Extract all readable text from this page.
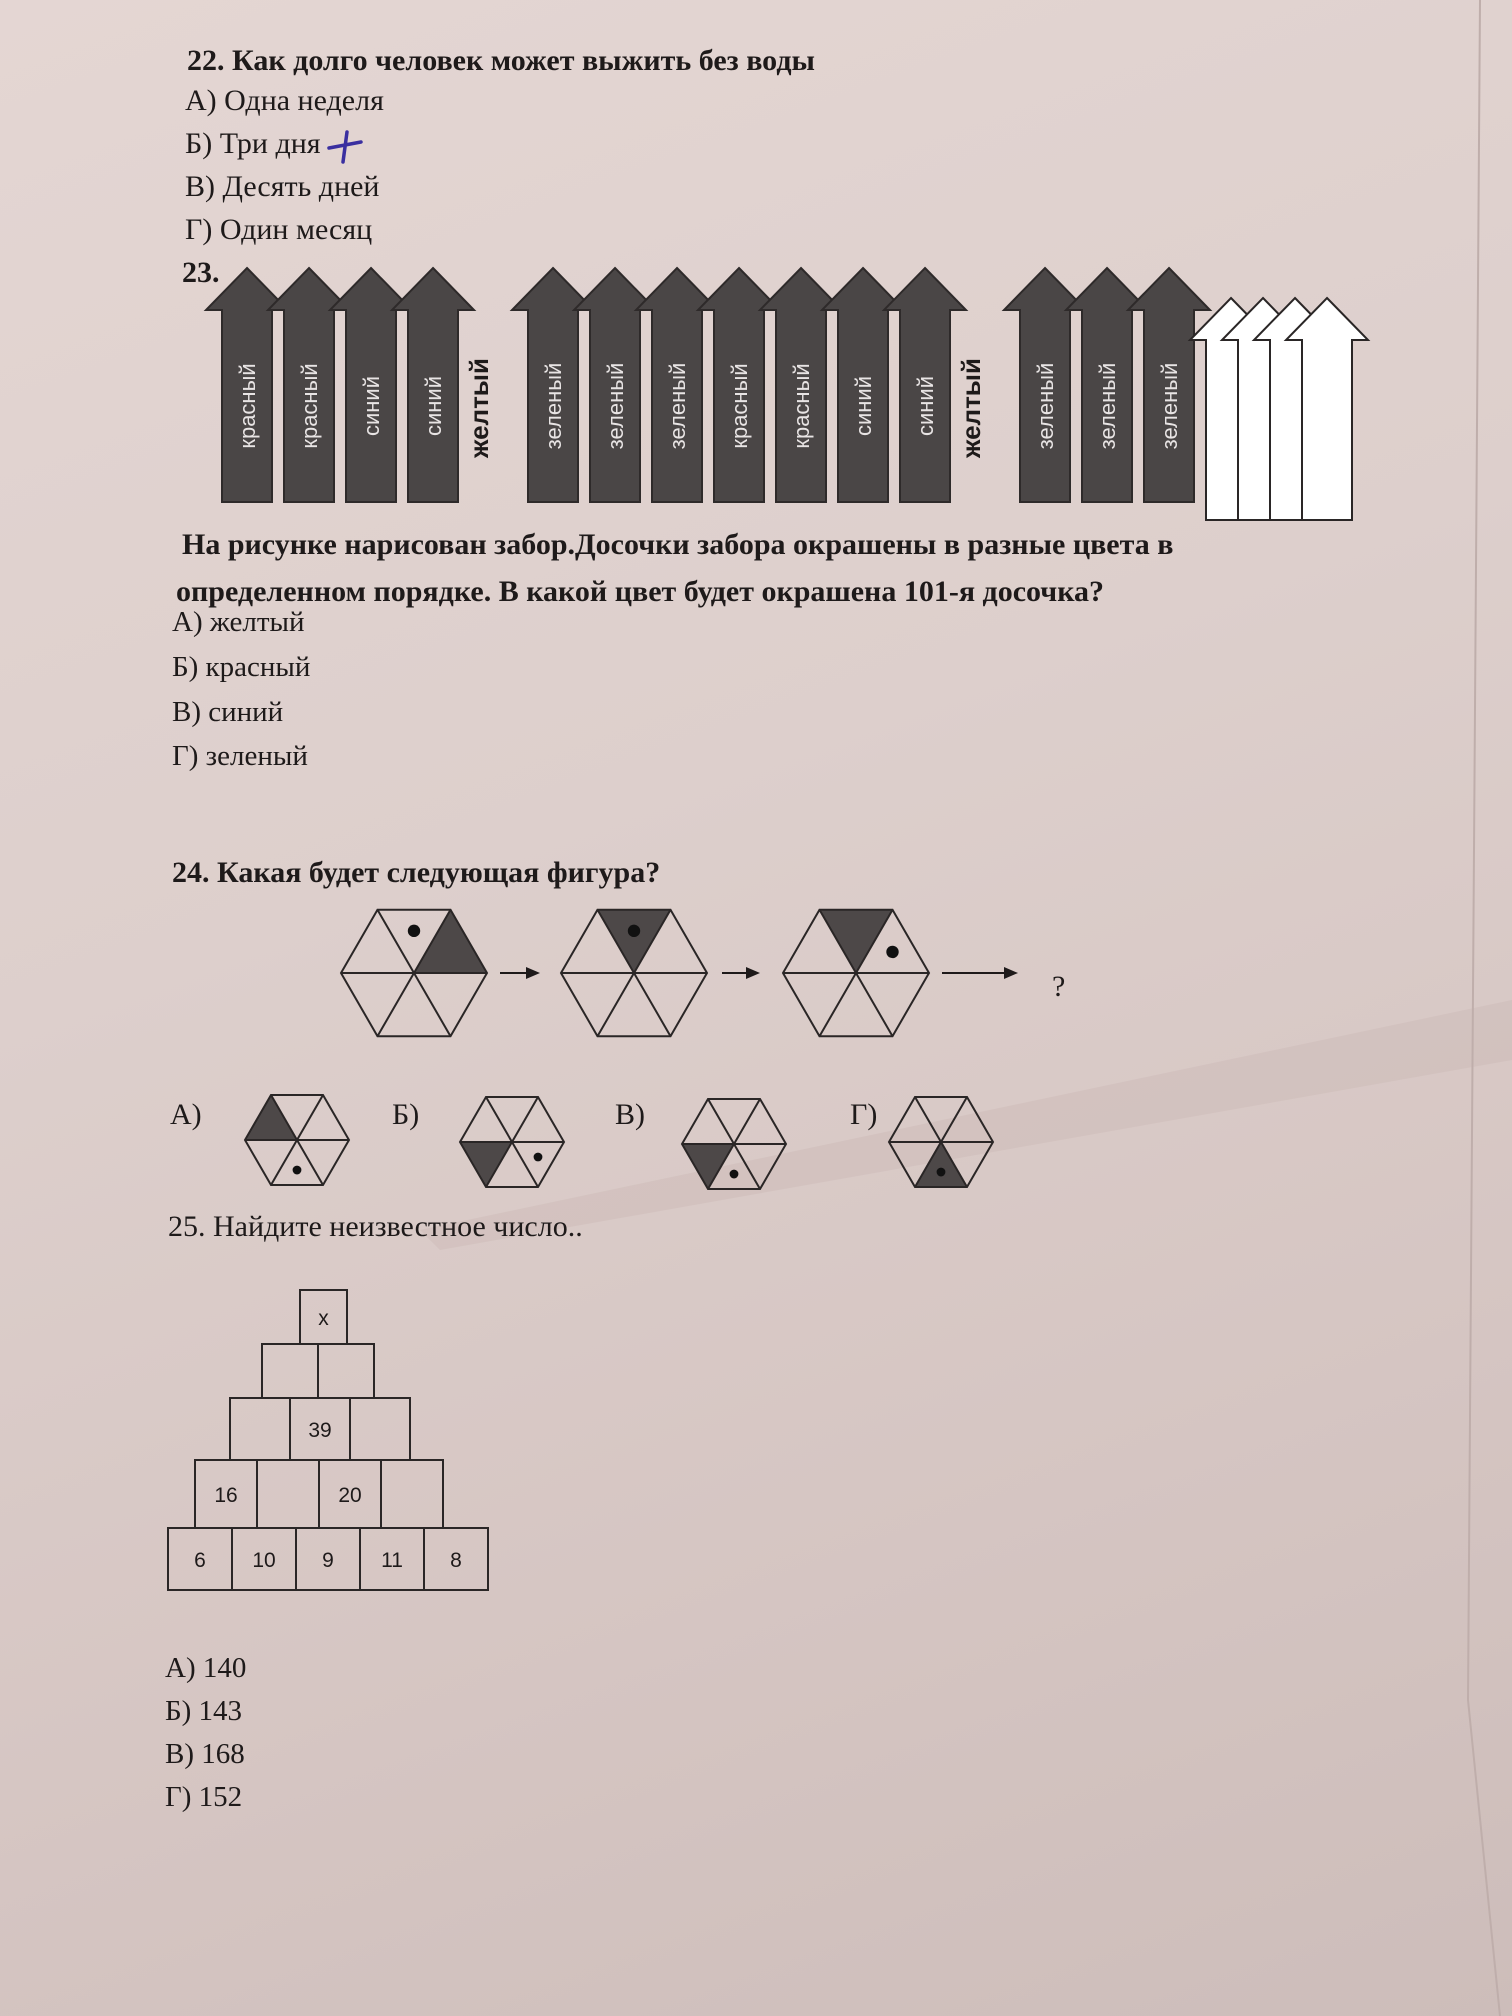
22. Как долго человек может выжить без воды
А) Одна неделя
Б) Три дня
В) Десять дней
Г) Один месяц
23.
красный красный синий синий желтый зеленый зеленый зеленый красный красный синий синий желтый зеленый зеленый зеленый
На рисунке нарисован забор.Досочки забора окрашены в разные цвета в
определенном порядке. В какой цвет будет окрашена 101-я досочка?
А) желтый
Б) красный
В) синий
Г) зеленый
24. Какая будет следующая фигура?
?
А)	Б)	В)	Г)
25. Найдите неизвестное число..
x
39
16	20
6 10 9 11 8
А) 140
Б) 143
В) 168
Г) 152
